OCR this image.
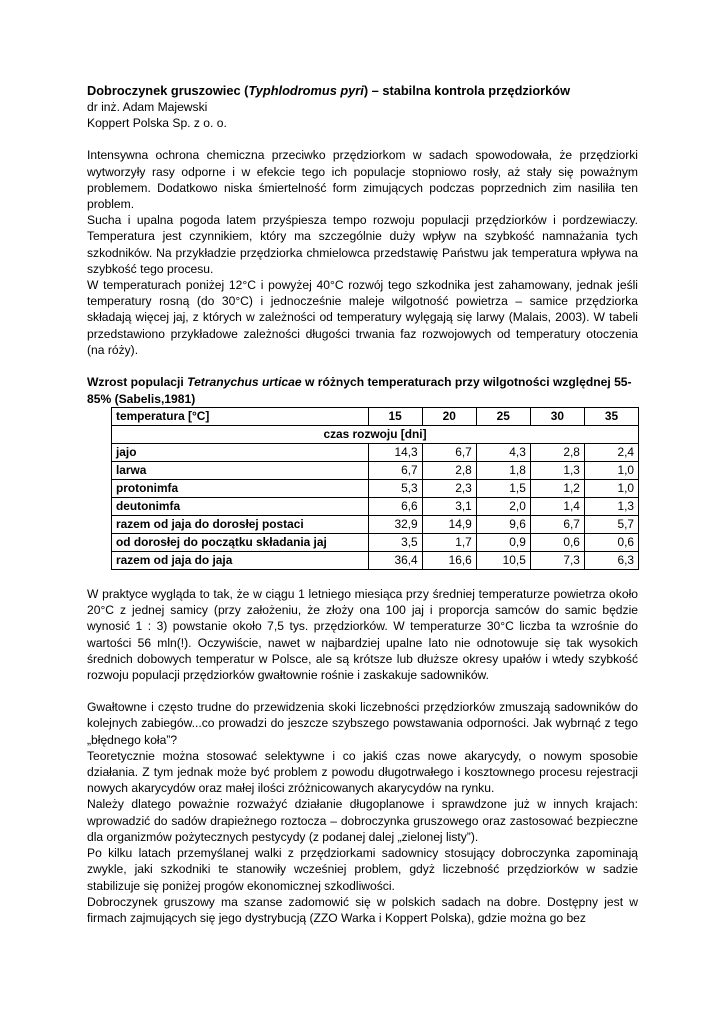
Dobroczynek gruszowiec (Typhlodromus pyri) – stabilna kontrola przędziorków

dr inż. Adam Majewski

Koppert Polska Sp. z o. o.

Intensywna ochrona chemiczna przeciwko przędziorkom w sadach spowodowała, że przędziorki wytworzyły rasy odporne i w efekcie tego ich populacje stopniowo rosły, aż stały się poważnym problemem. Dodatkowo niska śmiertelność form zimujących podczas poprzednich zim nasiliła ten problem.

Sucha i upalna pogoda latem przyśpiesza tempo rozwoju populacji przędziorków i pordzewiaczy. Temperatura jest czynnikiem, który ma szczególnie duży wpływ na szybkość namnażania tych szkodników. Na przykładzie przędziorka chmielowca przedstawię Państwu jak temperatura wpływa na szybkość tego procesu.

W temperaturach poniżej 12°C i powyżej 40°C rozwój tego szkodnika jest zahamowany, jednak jeśli temperatury rosną (do 30°C) i jednocześnie maleje wilgotność powietrza – samice przędziorka składają więcej jaj, z których w zależności od temperatury wylęgają się larwy (Malais, 2003). W tabeli przedstawiono przykładowe zależności długości trwania faz rozwojowych od temperatury otoczenia (na róży).

Wzrost populacji Tetranychus urticae w różnych temperaturach przy wilgotności względnej 55-85% (Sabelis,1981)

temperatura [°C]	15	20	25	30	35
czas rozwoju [dni]					
jajo	14,3	6,7	4,3	2,8	2,4
larwa	6,7	2,8	1,8	1,3	1,0
protonimfa	5,3	2,3	1,5	1,2	1,0
deutonimfa	6,6	3,1	2,0	1,4	1,3
razem od jaja do dorosłej postaci	32,9	14,9	9,6	6,7	5,7
od dorosłej do początku składania jaj	3,5	1,7	0,9	0,6	0,6
razem od jaja do jaja	36,4	16,6	10,5	7,3	6,3

W praktyce wygląda to tak, że w ciągu 1 letniego miesiąca przy średniej temperaturze powietrza około 20°C z jednej samicy (przy założeniu, że złoży ona 100 jaj i proporcja samców do samic będzie wynosić 1 : 3) powstanie około 7,5 tys. przędziorków. W temperaturze 30°C liczba ta wzrośnie do wartości 56 mln(!). Oczywiście, nawet w najbardziej upalne lato nie odnotowuje się tak wysokich średnich dobowych temperatur w Polsce, ale są krótsze lub dłuższe okresy upałów i wtedy szybkość rozwoju populacji przędziorków gwałtownie rośnie i zaskakuje sadowników.

Gwałtowne i często trudne do przewidzenia skoki liczebności przędziorków zmuszają sadowników do kolejnych zabiegów...co prowadzi do jeszcze szybszego powstawania odporności. Jak wybrnąć z tego „błędnego koła”?

Teoretycznie można stosować selektywne i co jakiś czas nowe akarycydy, o nowym sposobie działania. Z tym jednak może być problem z powodu długotrwałego i kosztownego procesu rejestracji nowych akarycydów oraz małej ilości zróżnicowanych akarycydów na rynku.

Należy dlatego poważnie rozważyć działanie długoplanowe i sprawdzone już w innych krajach: wprowadzić do sadów drapieżnego roztocza – dobroczynka gruszowego oraz zastosować bezpieczne dla organizmów pożytecznych pestycydy (z podanej dalej „zielonej listy”).

Po kilku latach przemyślanej walki z przędziorkami sadownicy stosujący dobroczynka zapominają zwykle, jaki szkodniki te stanowiły wcześniej problem, gdyż liczebność przędziorków w sadzie stabilizuje się poniżej progów ekonomicznej szkodliwości.

Dobroczynek gruszowy ma szanse zadomowić się w polskich sadach na dobre. Dostępny jest w firmach zajmujących się jego dystrybucją (ZZO Warka i Koppert Polska), gdzie można go bez
